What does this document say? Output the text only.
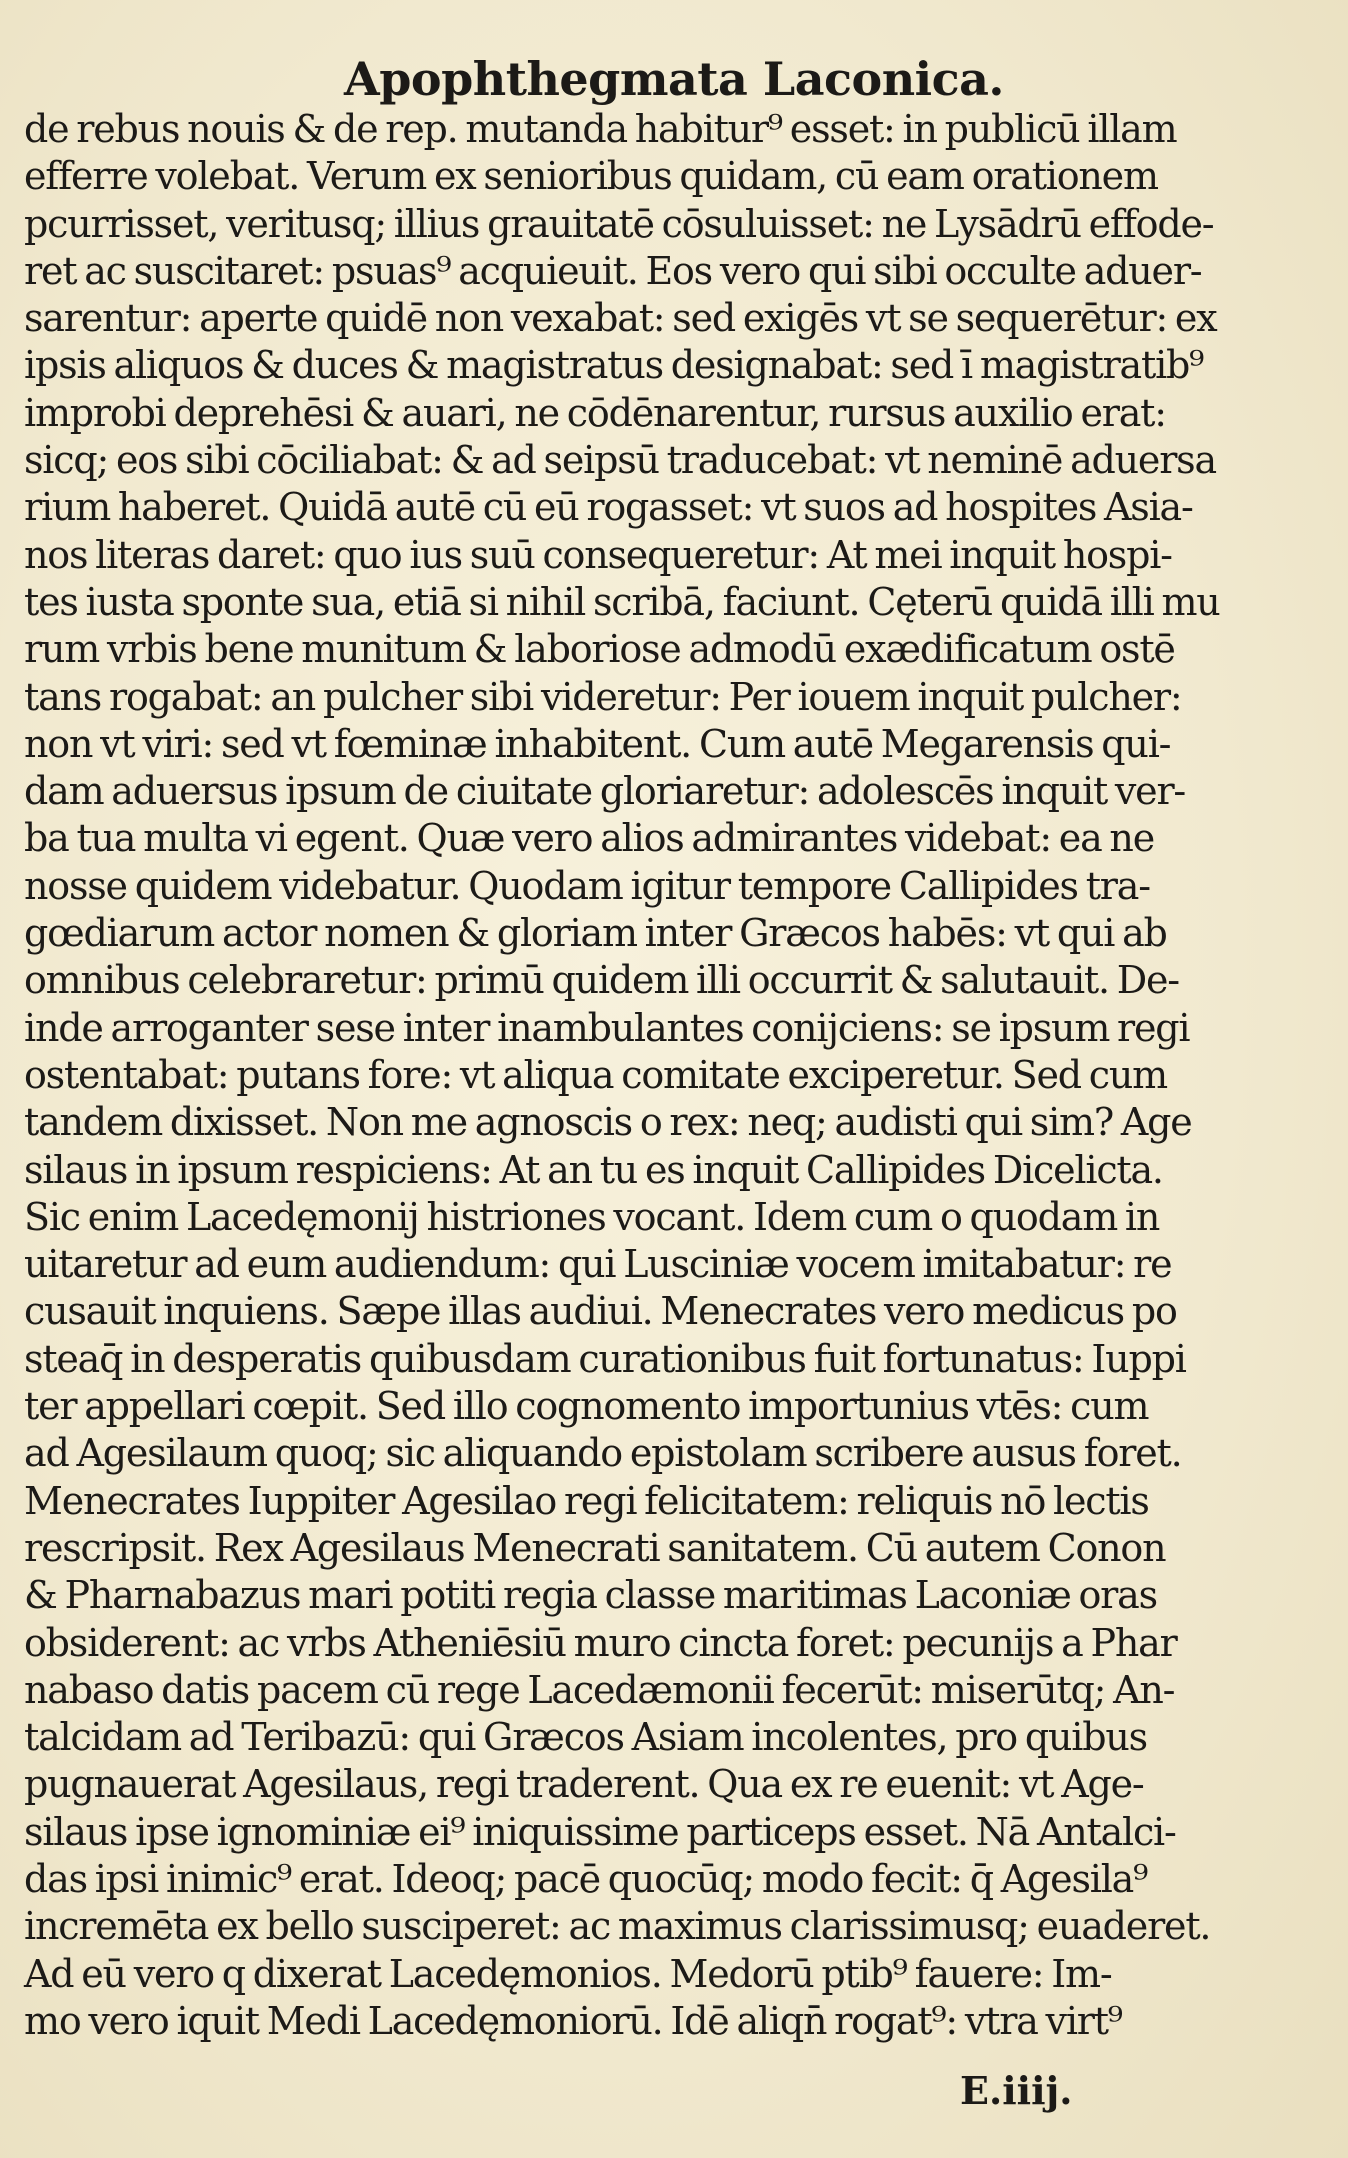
Apophthegmata Laconica.
de rebus nouis & de rep. mutanda habitur⁹ esset: in publicū illam
efferre volebat. Verum ex senioribus quidam, cū eam orationem
pcurrisset, veritusq; illius grauitatē cōsuluisset: ne Lysādrū effode-
ret ac suscitaret: psuas⁹ acquieuit. Eos vero qui sibi occulte aduer-
sarentur: aperte quidē non vexabat: sed exigēs vt se sequerētur: ex
ipsis aliquos & duces & magistratus designabat: sed ī magistratib⁹
improbi deprehēsi & auari, ne cōdēnarentur, rursus auxilio erat:
sicq; eos sibi cōciliabat: & ad seipsū traducebat: vt neminē aduersa
rium haberet. Quidā autē cū eū rogasset: vt suos ad hospites Asia-
nos literas daret: quo ius suū consequeretur: At mei inquit hospi-
tes iusta sponte sua, etiā si nihil scribā, faciunt. Cęterū quidā illi mu
rum vrbis bene munitum & laboriose admodū exædificatum ostē
tans rogabat: an pulcher sibi videretur: Per iouem inquit pulcher:
non vt viri: sed vt fœminæ inhabitent. Cum autē Megarensis qui-
dam aduersus ipsum de ciuitate gloriaretur: adolescēs inquit ver-
ba tua multa vi egent. Quæ vero alios admirantes videbat: ea ne
nosse quidem videbatur. Quodam igitur tempore Callipides tra-
gœdiarum actor nomen & gloriam inter Græcos habēs: vt qui ab
omnibus celebraretur: primū quidem illi occurrit & salutauit. De-
inde arroganter sese inter inambulantes conijciens: se ipsum regi
ostentabat: putans fore: vt aliqua comitate exciperetur. Sed cum
tandem dixisset. Non me agnoscis o rex: neq; audisti qui sim? Age
silaus in ipsum respiciens: At an tu es inquit Callipides Dicelicta.
Sic enim Lacedęmonij histriones vocant. Idem cum o quodam in
uitaretur ad eum audiendum: qui Lusciniæ vocem imitabatur: re
cusauit inquiens. Sæpe illas audiui. Menecrates vero medicus po
steaq̄ in desperatis quibusdam curationibus fuit fortunatus: Iuppi
ter appellari cœpit. Sed illo cognomento importunius vtēs: cum
ad Agesilaum quoq; sic aliquando epistolam scribere ausus foret.
Menecrates Iuppiter Agesilao regi felicitatem: reliquis nō lectis
rescripsit. Rex Agesilaus Menecrati sanitatem. Cū autem Conon
& Pharnabazus mari potiti regia classe maritimas Laconiæ oras
obsiderent: ac vrbs Atheniēsiū muro cincta foret: pecunijs a Phar
nabaso datis pacem cū rege Lacedæmonii fecerūt: miserūtq; An-
talcidam ad Teribazū: qui Græcos Asiam incolentes, pro quibus
pugnauerat Agesilaus, regi traderent. Qua ex re euenit: vt Age-
silaus ipse ignominiæ ei⁹ iniquissime particeps esset. Nā Antalci-
das ipsi inimic⁹ erat. Ideoq; pacē quocūq; modo fecit: q̄ Agesila⁹
incremēta ex bello susciperet: ac maximus clarissimusq; euaderet.
Ad eū vero q dixerat Lacedęmonios. Medorū ptib⁹ fauere: Im-
mo vero iquit Medi Lacedęmoniorū. Idē aliqn̄ rogat⁹: vtra virt⁹
E.iiij.
